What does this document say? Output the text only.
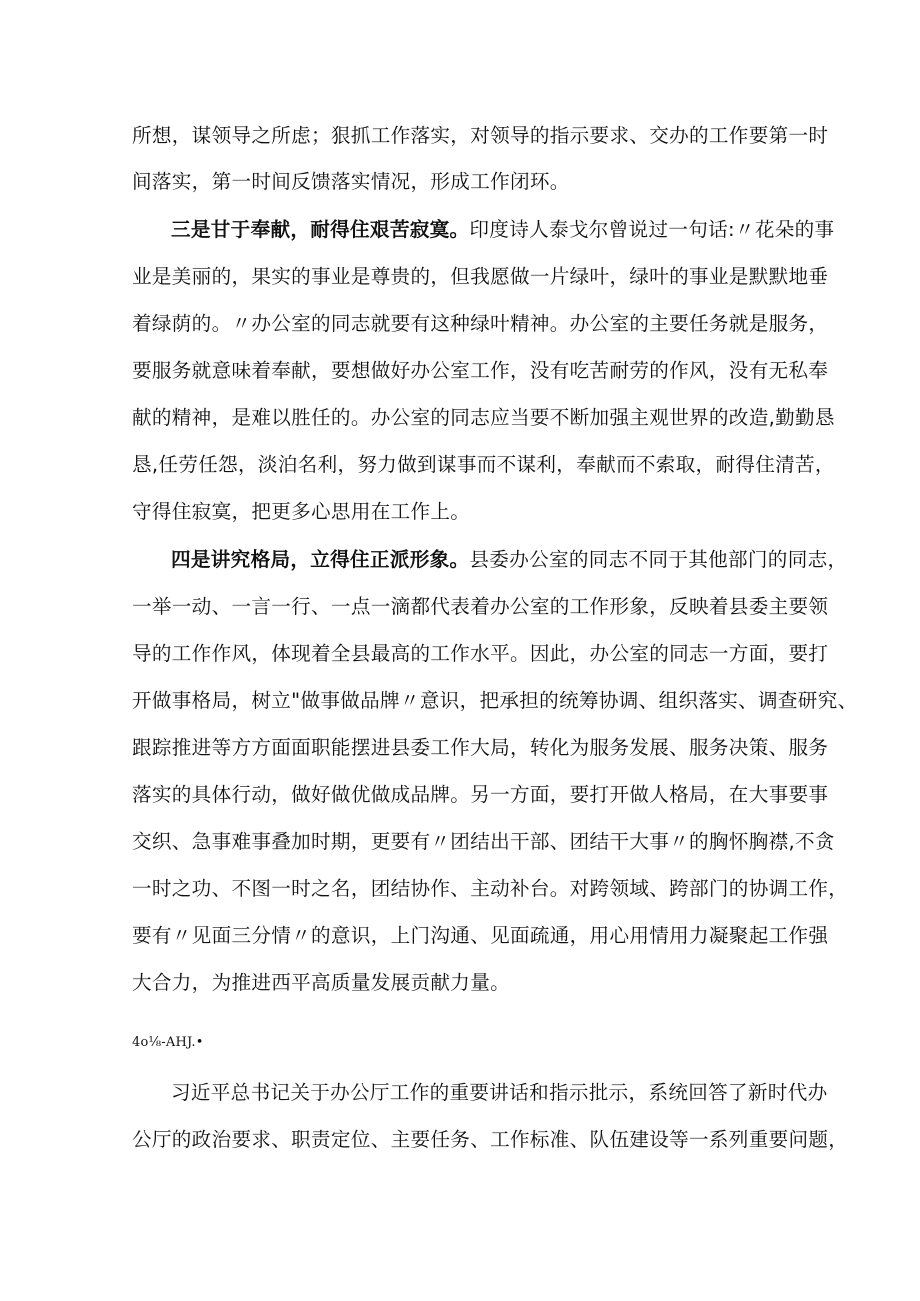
所想，谋领导之所虑；狠抓工作落实，对领导的指示要求、交办的工作要第一时
间落实，第一时间反馈落实情况，形成工作闭环。
三是甘于奉献，耐得住艰苦寂寞。印度诗人泰戈尔曾说过一句话:〃花朵的事
业是美丽的，果实的事业是尊贵的，但我愿做一片绿叶，绿叶的事业是默默地垂
着绿荫的。〃办公室的同志就要有这种绿叶精神。办公室的主要任务就是服务，
要服务就意味着奉献，要想做好办公室工作，没有吃苦耐劳的作风，没有无私奉
献的精神，是难以胜任的。办公室的同志应当要不断加强主观世界的改造,勤勤恳
恳,任劳任怨，淡泊名利，努力做到谋事而不谋利，奉献而不索取，耐得住清苦，
守得住寂寞，把更多心思用在工作上。
四是讲究格局，立得住正派形象。县委办公室的同志不同于其他部门的同志，
一举一动、一言一行、一点一滴都代表着办公室的工作形象，反映着县委主要领
导的工作作风，体现着全县最高的工作水平。因此，办公室的同志一方面，要打
开做事格局，树立"做事做品牌〃意识，把承担的统筹协调、组织落实、调查研究、
跟踪推进等方方面面职能摆进县委工作大局，转化为服务发展、服务决策、服务
落实的具体行动，做好做优做成品牌。另一方面，要打开做人格局，在大事要事
交织、急事难事叠加时期，更要有〃团结出干部、团结干大事〃的胸怀胸襟,不贪
一时之功、不图一时之名，团结协作、主动补台。对跨领域、跨部门的协调工作，
要有〃见面三分情〃的意识，上门沟通、见面疏通，用心用情用力凝聚起工作强
大合力，为推进西平高质量发展贡献力量。
4o⅛-AHJ.•
习近平总书记关于办公厅工作的重要讲话和指示批示，系统回答了新时代办
公厅的政治要求、职责定位、主要任务、工作标准、队伍建设等一系列重要问题，
